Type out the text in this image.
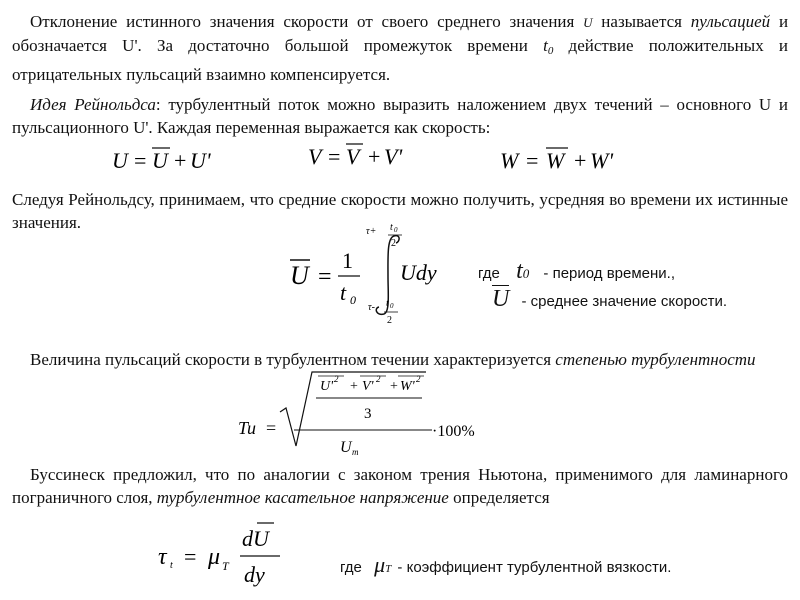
Отклонение истинного значения скорости от своего среднего значения U называется пульсацией и обозначается U'. За достаточно большой промежуток времени $t_0$ действие положительных и отрицательных пульсаций взаимно компенсируется.
Идея Рейнольдса: турбулентный поток можно выразить наложением двух течений – основного U и пульсационного U'. Каждая переменная выражается как скорость:
U = U + U'	V = V + V'	W = W + W'
Следуя Рейнольдсу, принимаем, что средние скорости можно получить, усредняя во времени их истинные значения.
U =
1
t 0
τ+ t 0
2
τ- t 0
2
Udy	где t0 - период времени.,
U - среднее значение скорости.
Величина пульсаций скорости в турбулентном течении характеризуется степенью турбулентности
Tu =
U' 2 + V' 2 + W' 2
3
U m
·100%
Буссинеск предложил, что по аналогии с законом трения Ньютона, применимого для ламинарного пограничного слоя, турбулентное касательное напряжение определяется
τ t = μ T
dU
dy	где μT - коэффициент турбулентной вязкости.
